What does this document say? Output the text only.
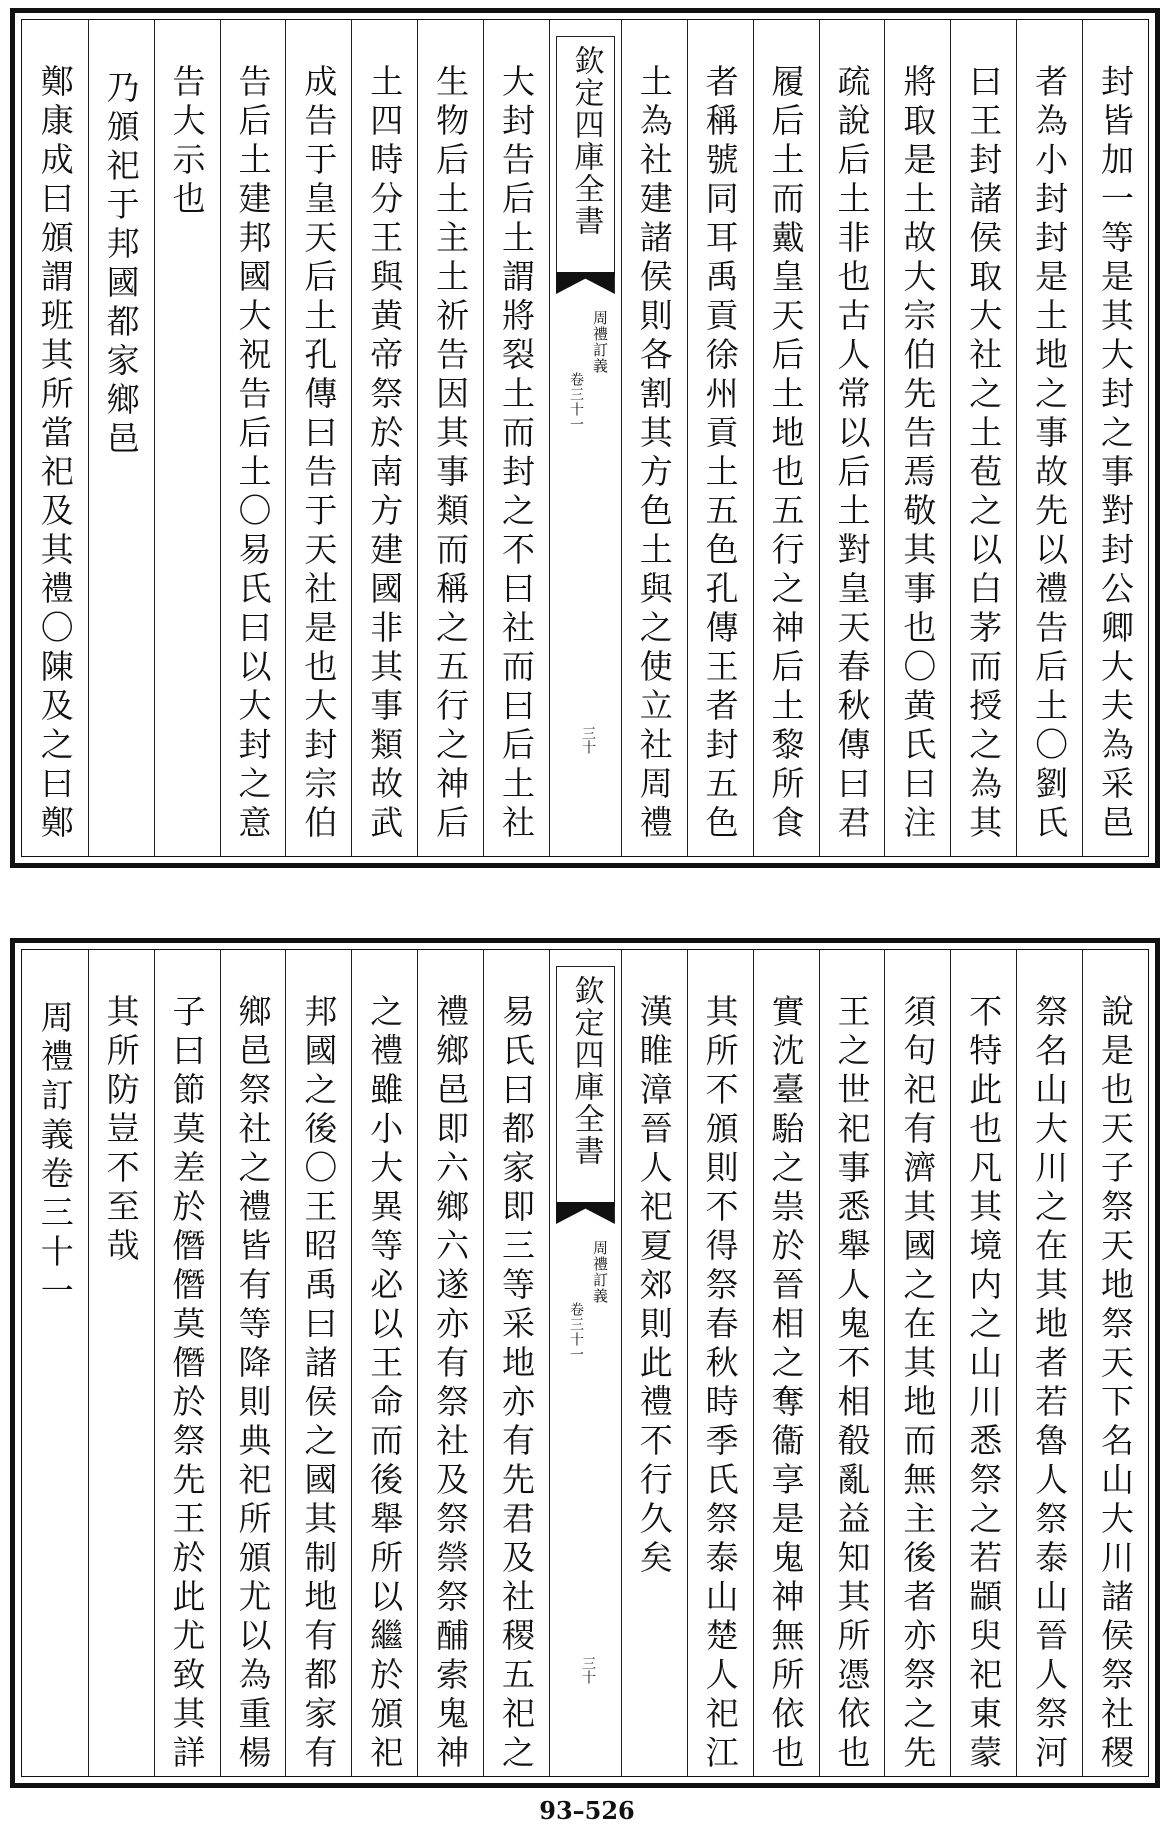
封皆加一等是其大封之事對封公卿大夫為采邑
者為小封封是土地之事故先以禮告后土〇劉氏
曰王封諸侯取大社之土苞之以白茅而授之為其
將取是土故大宗伯先告焉敬其事也〇黄氏曰注
疏說后土非也古人常以后土對皇天春秋傳曰君
履后土而戴皇天后土地也五行之神后土黎所食
者稱號同耳禹貢徐州貢土五色孔傳王者封五色
土為社建諸侯則各割其方色土與之使立社周禮
欽定四庫全書
周禮訂義
卷三十一
三十
大封告后土謂將裂土而封之不曰社而曰后土社
生物后土主土祈告因其事類而稱之五行之神后
土四時分王與黄帝祭於南方建國非其事類故武
成告于皇天后土孔傳曰告于天社是也大封宗伯
告后土建邦國大祝告后土〇易氏曰以大封之意
告大示也
乃頒祀于邦國都家鄉邑
鄭康成曰頒謂班其所當祀及其禮〇陳及之曰鄭
說是也天子祭天地祭天下名山大川諸侯祭社稷
祭名山大川之在其地者若魯人祭泰山晉人祭河
不特此也凡其境内之山川悉祭之若顓臾祀東蒙
須句祀有濟其國之在其地而無主後者亦祭之先
王之世祀事悉舉人鬼不相殽亂益知其所憑依也
實沈臺駘之祟於晉相之奪衞享是鬼神無所依也
其所不頒則不得祭春秋時季氏祭泰山楚人祀江
漢睢漳晉人祀夏郊則此禮不行久矣
欽定四庫全書
周禮訂義
卷三十一
三十
易氏曰都家即三等采地亦有先君及社稷五祀之
禮鄉邑即六鄉六遂亦有祭社及祭禜祭酺索鬼神
之禮雖小大異等必以王命而後舉所以繼於頒祀
邦國之後〇王昭禹曰諸侯之國其制地有都家有
鄉邑祭社之禮皆有等降則典祀所頒尤以為重楊
子曰節莫差於僭僭莫僭於祭先王於此尤致其詳
其所防豈不至哉
周禮訂義卷三十一
93–526
